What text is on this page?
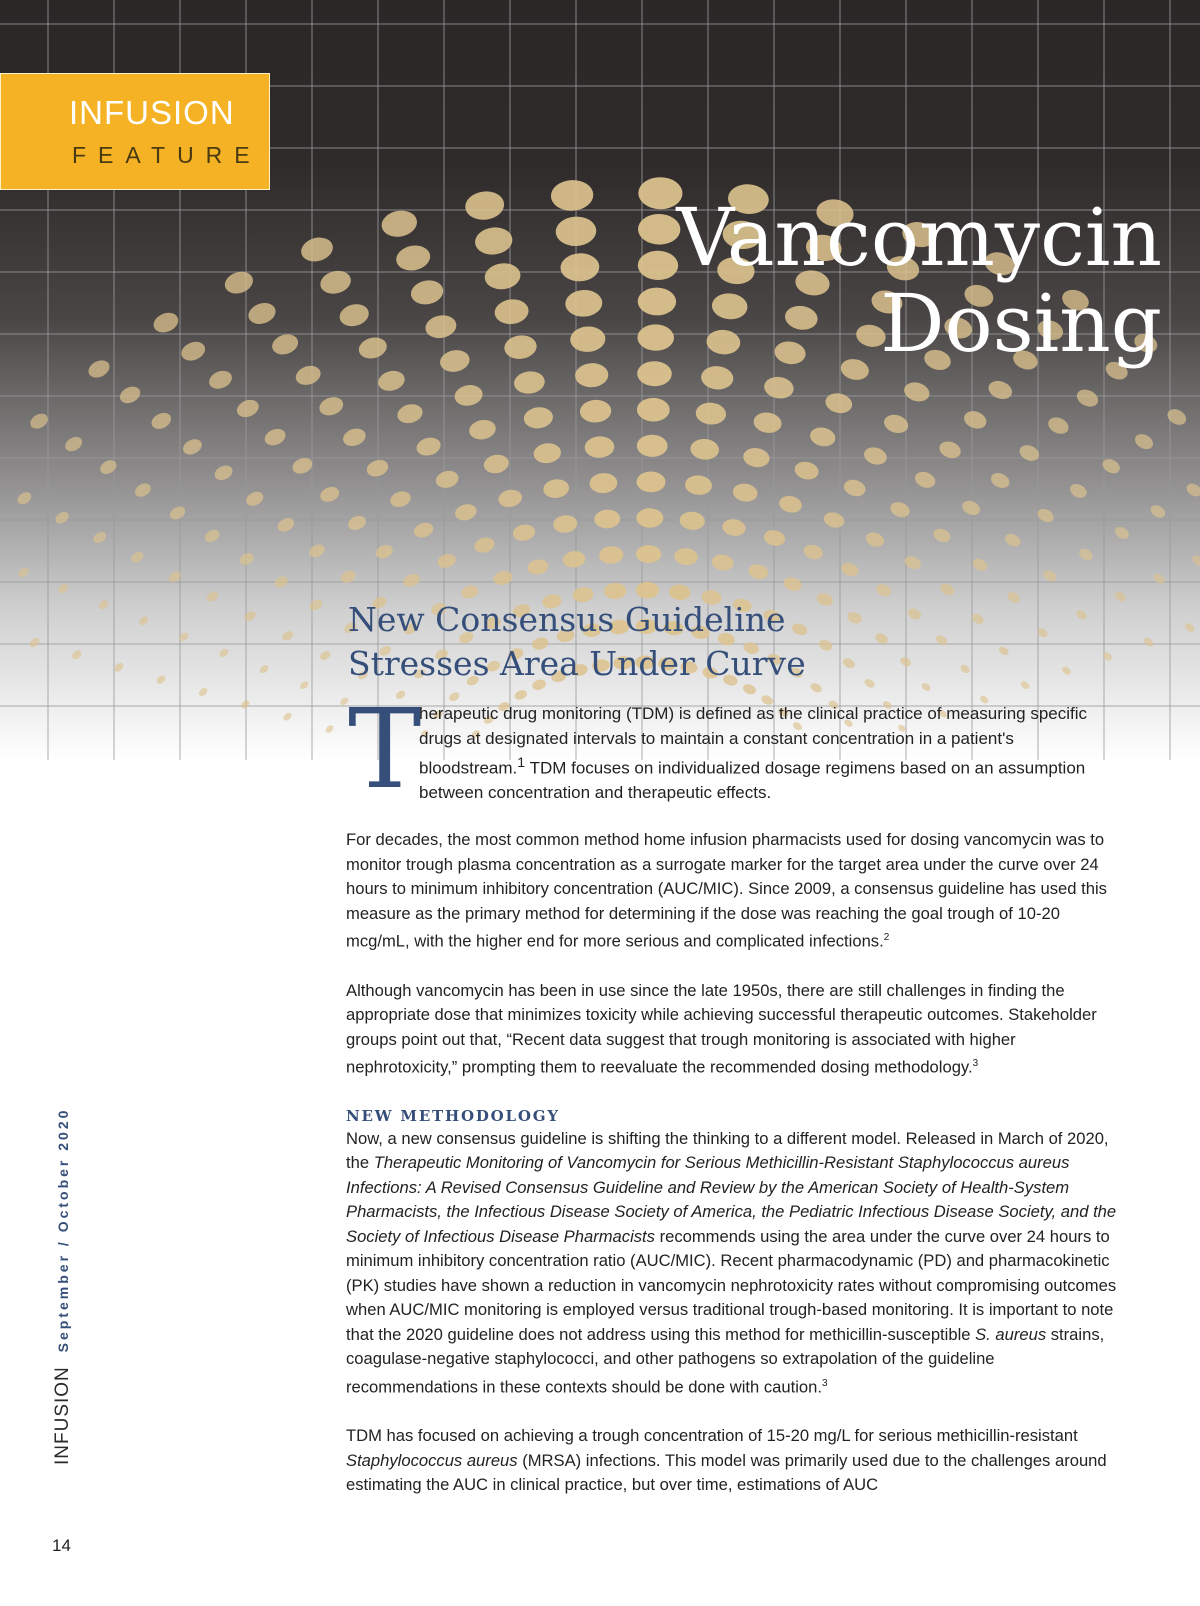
INFUSION
FEATURE
Vancomycin
Dosing
New Consensus Guideline
Stresses Area Under Curve
T
herapeutic drug monitoring (TDM) is defined as the clinical practice of measuring specific drugs at designated intervals to maintain a constant concentration in a patient's bloodstream.$^1$ TDM focuses on individualized dosage regimens based on an assumption between concentration and therapeutic effects.

For decades, the most common method home infusion pharmacists used for dosing vancomycin was to monitor trough plasma concentration as a surrogate marker for the target area under the curve over 24 hours to minimum inhibitory concentration (AUC/MIC). Since 2009, a consensus guideline has used this measure as the primary method for determining if the dose was reaching the goal trough of 10-20 mcg/mL, with the higher end for more serious and complicated infections.$^2$

Although vancomycin has been in use since the late 1950s, there are still challenges in finding the appropriate dose that minimizes toxicity while achieving successful therapeutic outcomes. Stakeholder groups point out that, “Recent data suggest that trough monitoring is associated with higher nephrotoxicity,” prompting them to reevaluate the recommended dosing methodology.$^3$

NEW METHODOLOGY

Now, a new consensus guideline is shifting the thinking to a different model. Released in March of 2020, the Therapeutic Monitoring of Vancomycin for Serious Methicillin-Resistant Staphylococcus aureus Infections: A Revised Consensus Guideline and Review by the American Society of Health-System Pharmacists, the Infectious Disease Society of America, the Pediatric Infectious Disease Society, and the Society of Infectious Disease Pharmacists recommends using the area under the curve over 24 hours to minimum inhibitory concentration ratio (AUC/MIC). Recent pharmacodynamic (PD) and pharmacokinetic (PK) studies have shown a reduction in vancomycin nephrotoxicity rates without compromising outcomes when AUC/MIC monitoring is employed versus traditional trough-based monitoring. It is important to note that the 2020 guideline does not address using this method for methicillin-susceptible S. aureus strains, coagulase-negative staphylococci, and other pathogens so extrapolation of the guideline recommendations in these contexts should be done with caution.$^3$

TDM has focused on achieving a trough concentration of 15-20 mg/L for serious methicillin-resistant Staphylococcus aureus (MRSA) infections. This model was primarily used due to the challenges around estimating the AUC in clinical practice, but over time, estimations of AUC

INFUSION September / October 2020
14
